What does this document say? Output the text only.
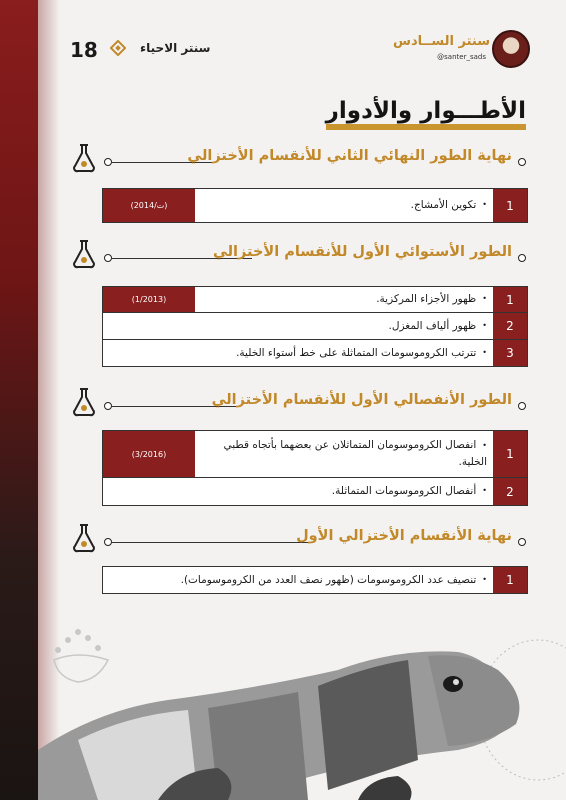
18	سنتر الاحياء	سنتر الســادس
@santer_sads
الأطـــوار والأدوار
نهاية الطور النهائي الثاني للأنقسام الأختزالي
1
•
تكوين الأمشاج.
(ت/2014)
الطور الأستوائي الأول للأنقسام الأختزالي
1
•
ظهور الأجزاء المركزية.
(1/2013)
2
•
ظهور ألياف المغزل.
3
•
تترتب الكروموسومات المتماثلة على خط أستواء الخلية.
الطور الأنفصالي الأول للأنقسام الأختزالي
1
•انفصال الكروموسومان المتماثلان عن بعضهما بأتجاه قطبي الخلية.
(3/2016)
2
•
أنفصال الكروموسومات المتماثلة.
نهاية الأنقسام الأختزالي الأول
1
•
تنصيف عدد الكروموسومات (ظهور نصف العدد من الكروموسومات).
